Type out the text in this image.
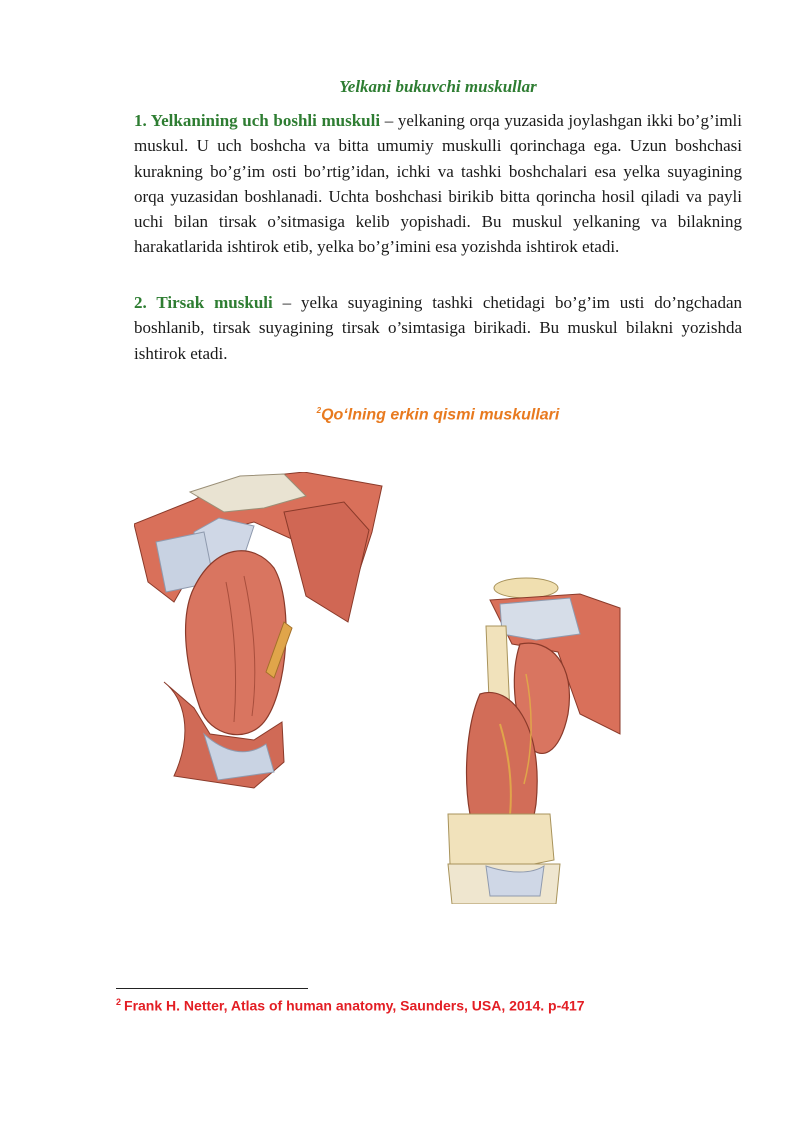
Yelkani bukuvchi muskullar

1. Yelkanining uch boshli muskuli – yelkaning orqa yuzasida joylashgan ikki bo’g’imli muskul. U uch boshcha va bitta umumiy muskulli qorinchaga ega. Uzun boshchasi kurakning bo’g’im osti bo’rtig’idan, ichki va tashki boshchalari esa yelka suyagining orqa yuzasidan boshlanadi. Uchta boshchasi birikib bitta qorincha hosil qiladi va payli uchi bilan tirsak o’sitmasiga kelib yopishadi. Bu muskul yelkaning va bilakning harakatlarida ishtirok etib, yelka bo’g’imini esa yozishda ishtirok etadi.

2. Tirsak muskuli – yelka suyagining tashki chetidagi bo’g’im usti do’ngchadan boshlanib, tirsak suyagining tirsak o’simtasiga birikadi. Bu muskul bilakni yozishda ishtirok etadi.

$^2$Qo‘lning erkin qismi muskullari
$^2$ Frank H. Netter, Atlas of human anatomy, Saunders, USA, 2014. p-417
